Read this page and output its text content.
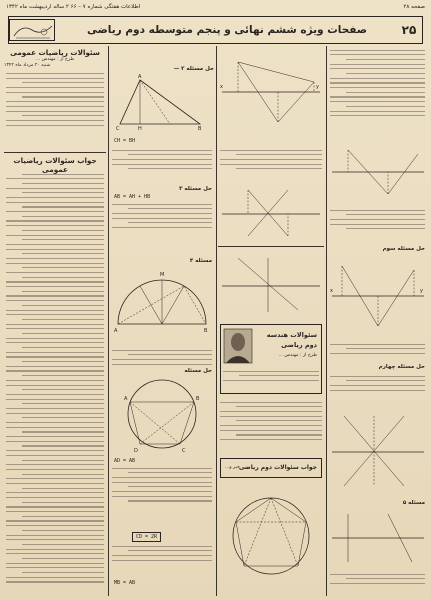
اطلاعات هفتگی شماره ۷ – ۶۶ ۲ ساله اردیبهشت ماه ۱۳۴۲	صفحه ۲۸
صفحات ویژه ششم نهائی و پنجم متوسطه دوم ریاضی	۲۵
سئوالات ریاضیات عمومی
طرح از : مهندس ...
شنبه ۲۰ مرداد ماه ۱۳۴۲
جواب سئوالات ریاضیات عمومی
حل مسئله ۲ —
C	H	B
A
CH = BH
حل مسئله ۳
AB = AH + HB
مسئله ۴
A	B
M
حل مسئله
A	B
C
D
AD = AB
CD = 2R
MB = AB
x	y
سئوالات هندسه
دوم ریاضی
طرح از : مهندس ...
جواب سئوالات دوم ریاضی
جبر و...
حل مسئله سوم
x	y
حل مسئله چهارم
مسئله ۵
